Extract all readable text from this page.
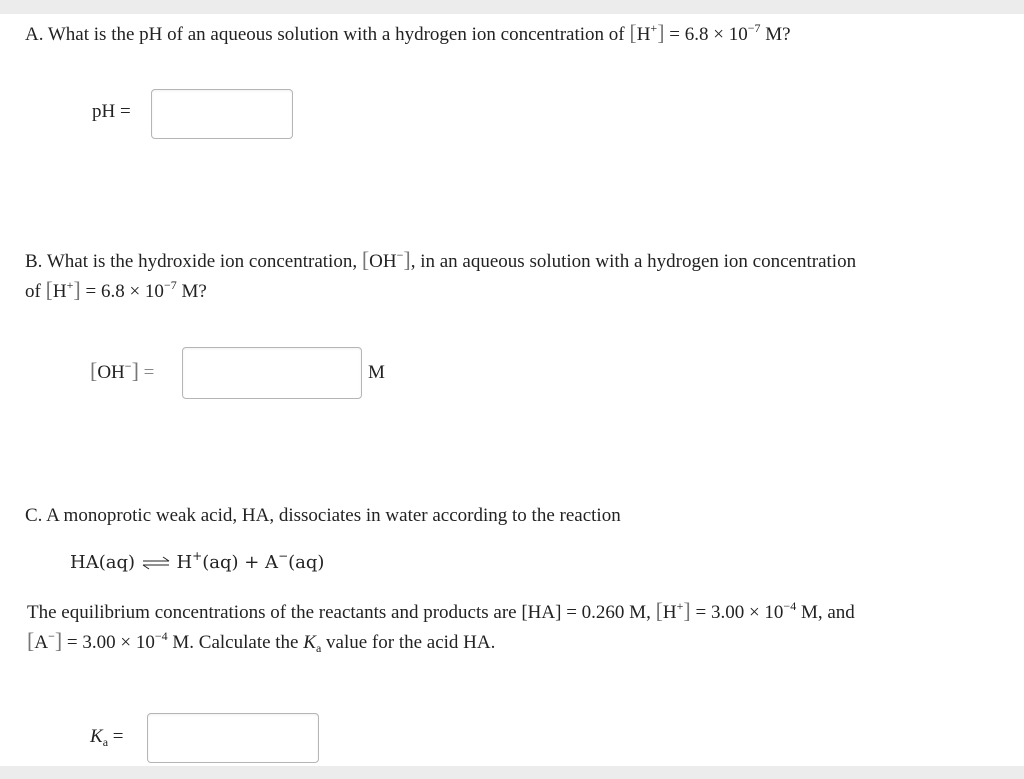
A. What is the pH of an aqueous solution with a hydrogen ion concentration of $[H^+] = 6.8 \times 10^{-7}$ M?
pH =
B. What is the hydroxide ion concentration, [OH−], in an aqueous solution with a hydrogen ion concentration
of $[H^+] = 6.8 \times 10^{-7}$ M?
[OH−] =	M
C. A monoprotic weak acid, HA, dissociates in water according to the reaction
HA(aq) ⇌ H+(aq) + A−(aq)
The equilibrium concentrations of the reactants and products are [HA] = 0.260 M, $[H^+] = 3.00 \times 10^{-4}$ M, and
$[A^-] = 3.00 \times 10^{-4}$ M. Calculate the $K_a$ value for the acid HA.
$K_a$ =
